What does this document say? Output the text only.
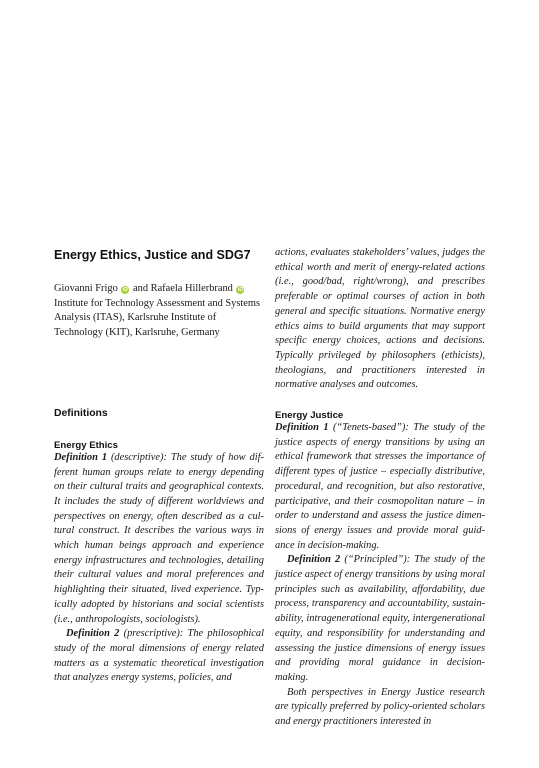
Energy Ethics, Justice and SDG7

Giovanni Frigo iD and Rafaela Hillerbrand iD
Institute for Technology Assessment and Systems Analysis (ITAS), Karlsruhe Institute of Technology (KIT), Karlsruhe, Germany

Definitions
Energy Ethics

Definition 1 (descriptive): The study of how different human groups relate to energy depending on their cultural traits and geographical contexts. It includes the study of different worldviews and perspectives on energy, often described as a cultural construct. It describes the various ways in which human beings approach and experience energy infrastructures and technologies, detailing their cultural values and moral preferences and highlighting their situated, lived experience. Typically adopted by historians and social scientists (i.e., anthropologists, sociologists).

Definition 2 (prescriptive): The philosophical study of the moral dimensions of energy related matters as a systematic theoretical investigation that analyzes energy systems, policies, and

actions, evaluates stakeholders’ values, judges the ethical worth and merit of energy-related actions (i.e., good/bad, right/wrong), and prescribes preferable or optimal courses of action in both general and specific situations. Normative energy ethics aims to build arguments that may support specific energy choices, actions and decisions. Typically privileged by philosophers (ethicists), theologians, and practitioners interested in normative analyses and outcomes.

Energy Justice

Definition 1 (“Tenets-based”): The study of the justice aspects of energy transitions by using an ethical framework that stresses the importance of different types of justice – especially distributive, procedural, and recognition, but also restorative, participative, and their cosmopolitan nature – in order to understand and assess the justice dimensions of energy issues and provide moral guidance in decision-making.

Definition 2 (“Principled”): The study of the justice aspect of energy transitions by using moral principles such as availability, affordability, due process, transparency and accountability, sustainability, intragenerational equity, intergenerational equity, and responsibility for understanding and assessing the justice dimensions of energy issues and providing moral guidance in decision-making.

Both perspectives in Energy Justice research are typically preferred by policy-oriented scholars and energy practitioners interested in
